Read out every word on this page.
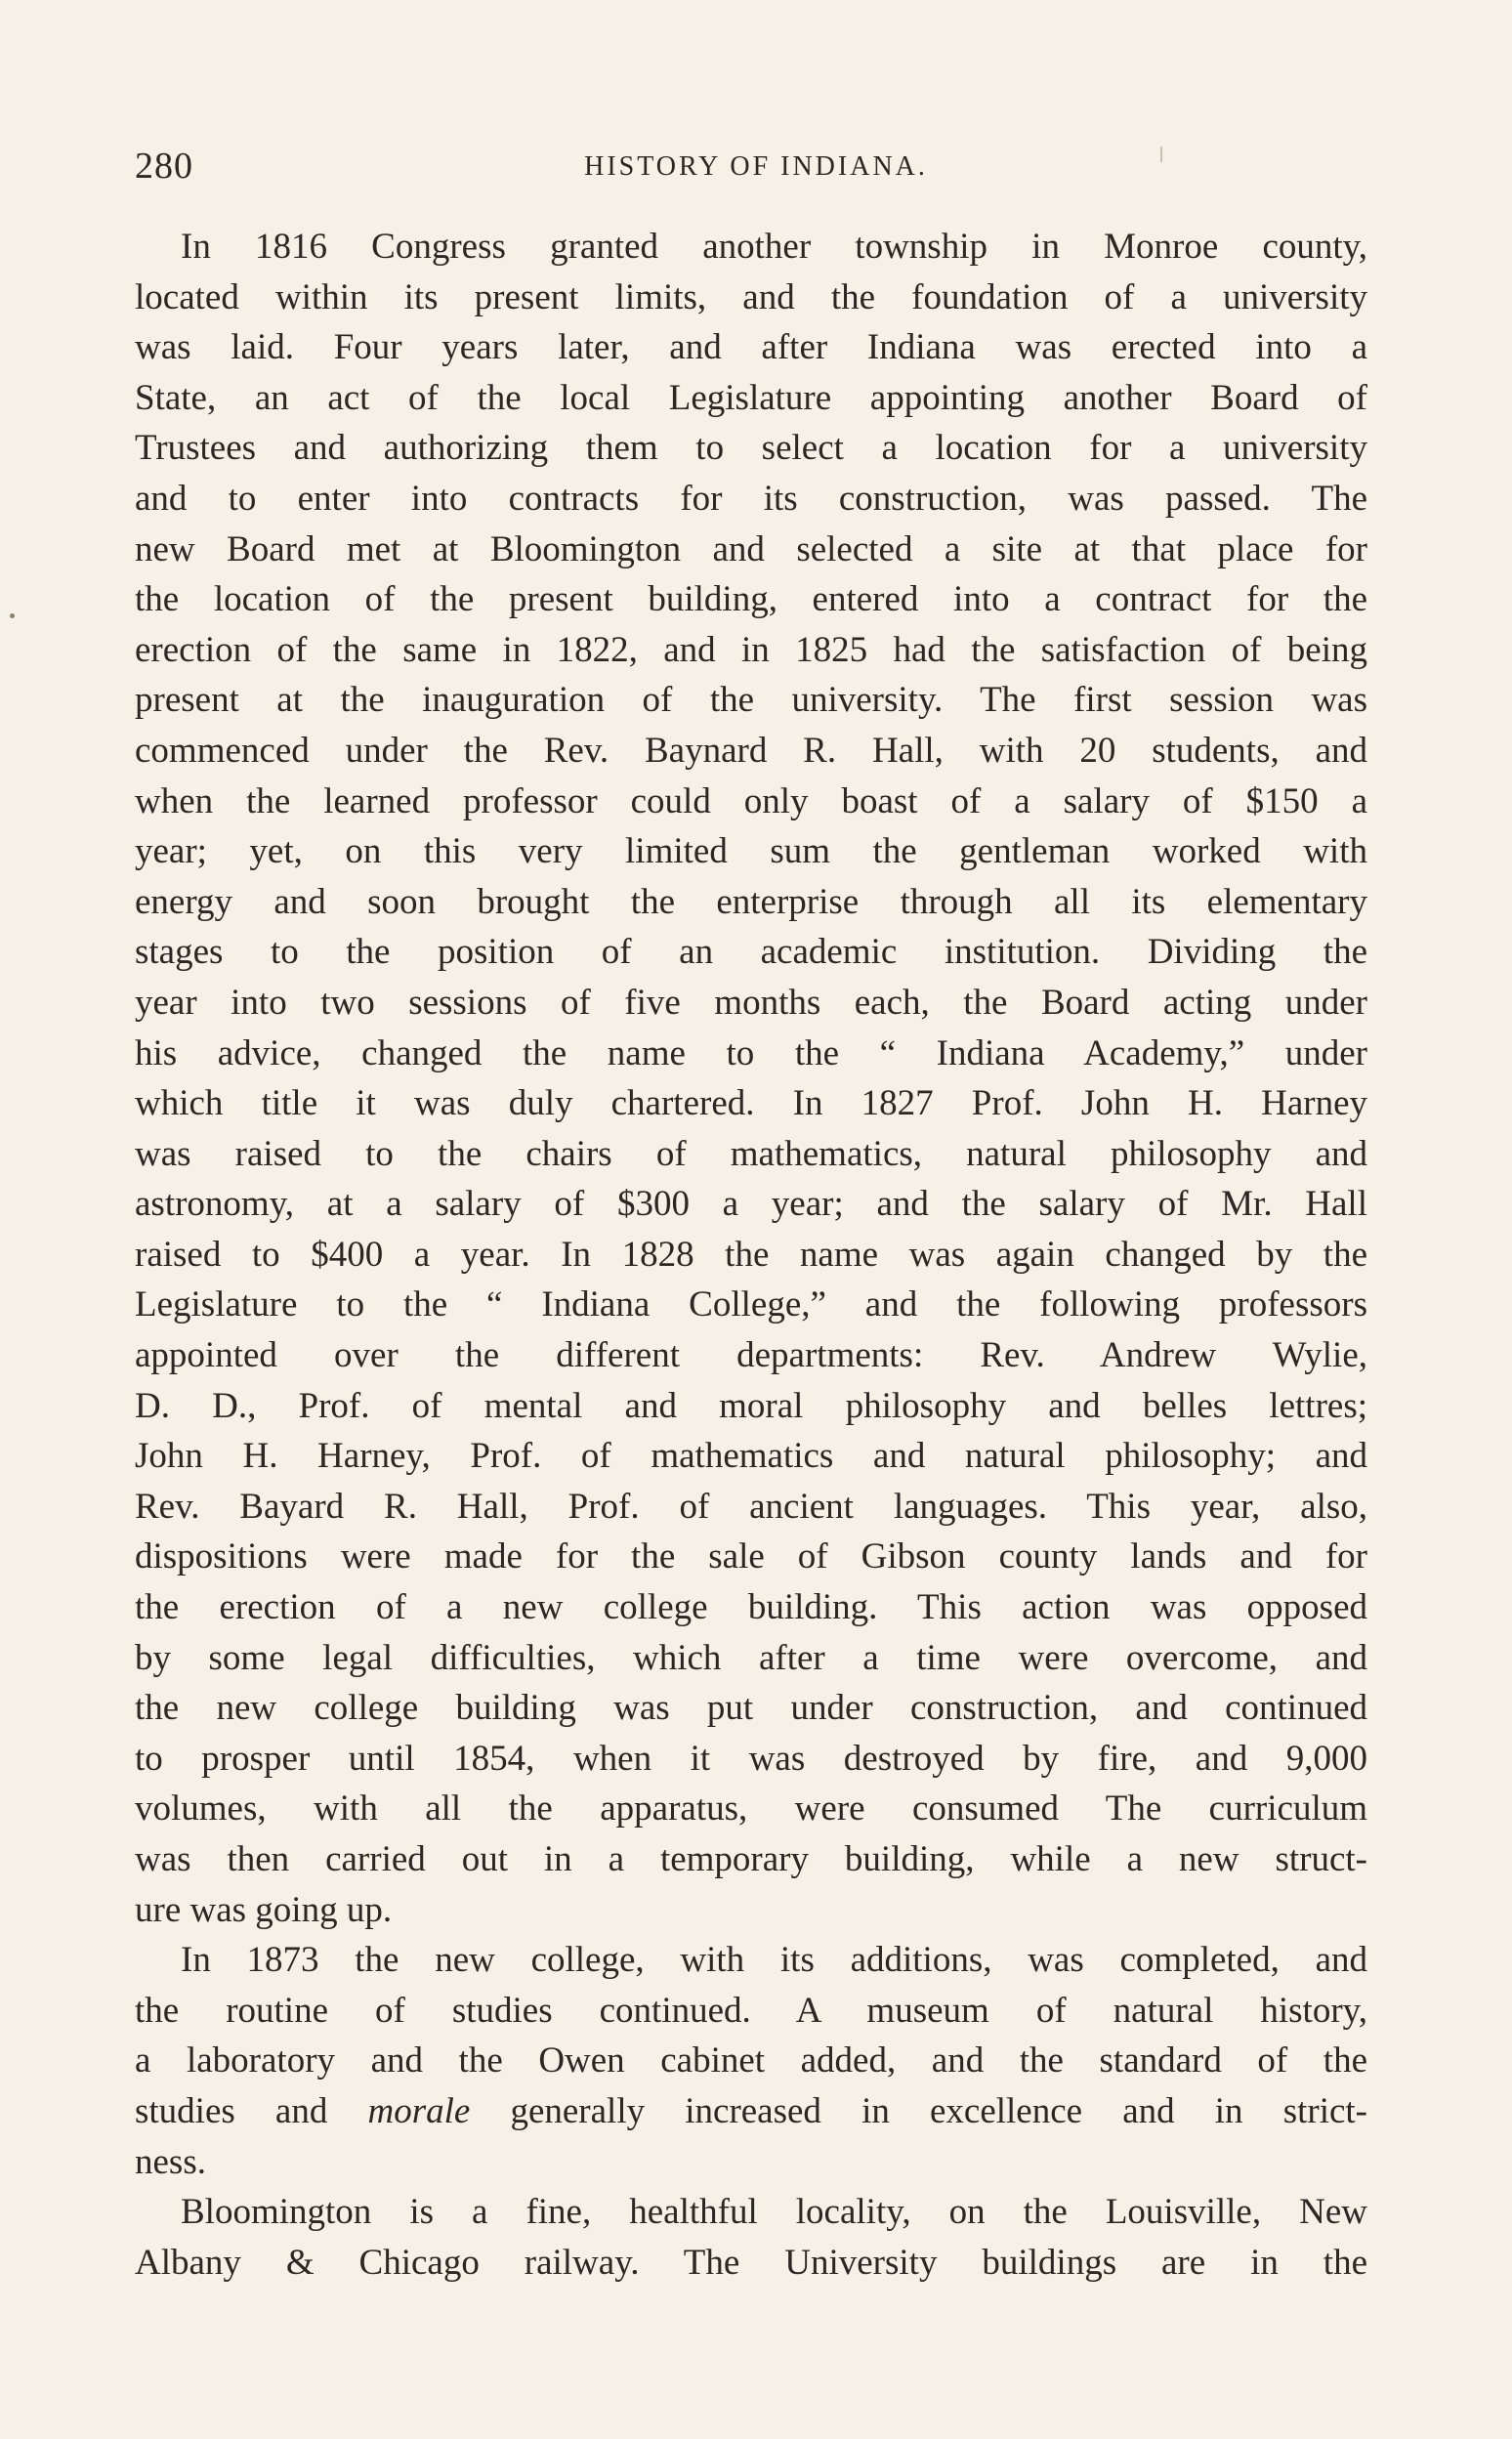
280	HISTORY OF INDIANA.
In 1816 Congress granted another township in Monroe county,
located within its present limits, and the foundation of a university
was laid. Four years later, and after Indiana was erected into a
State, an act of the local Legislature appointing another Board of
Trustees and authorizing them to select a location for a university
and to enter into contracts for its construction, was passed. The
new Board met at Bloomington and selected a site at that place for
the location of the present building, entered into a contract for the
erection of the same in 1822, and in 1825 had the satisfaction of being
present at the inauguration of the university. The first session was
commenced under the Rev. Baynard R. Hall, with 20 students, and
when the learned professor could only boast of a salary of $150 a
year; yet, on this very limited sum the gentleman worked with
energy and soon brought the enterprise through all its elementary
stages to the position of an academic institution. Dividing the
year into two sessions of five months each, the Board acting under
his advice, changed the name to the “ Indiana Academy,” under
which title it was duly chartered. In 1827 Prof. John H. Harney
was raised to the chairs of mathematics, natural philosophy and
astronomy, at a salary of $300 a year; and the salary of Mr. Hall
raised to $400 a year. In 1828 the name was again changed by the
Legislature to the “ Indiana College,” and the following professors
appointed over the different departments: Rev. Andrew Wylie,
D. D., Prof. of mental and moral philosophy and belles lettres;
John H. Harney, Prof. of mathematics and natural philosophy; and
Rev. Bayard R. Hall, Prof. of ancient languages. This year, also,
dispositions were made for the sale of Gibson county lands and for
the erection of a new college building. This action was opposed
by some legal difficulties, which after a time were overcome, and
the new college building was put under construction, and continued
to prosper until 1854, when it was destroyed by fire, and 9,000
volumes, with all the apparatus, were consumed The curriculum
was then carried out in a temporary building, while a new struct-
ure was going up.
In 1873 the new college, with its additions, was completed, and
the routine of studies continued. A museum of natural history,
a laboratory and the Owen cabinet added, and the standard of the
studies and morale generally increased in excellence and in strict-
ness.
Bloomington is a fine, healthful locality, on the Louisville, New
Albany & Chicago railway. The University buildings are in the
